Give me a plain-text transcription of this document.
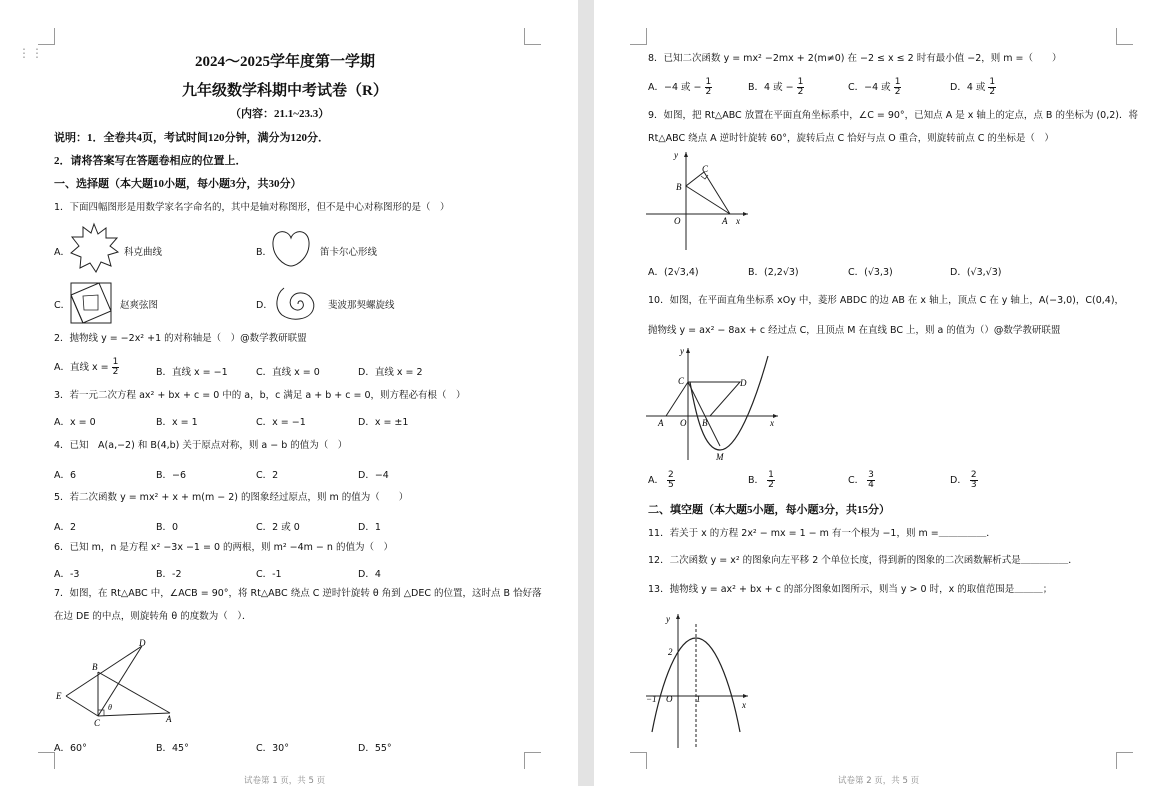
⋮⋮
2024～2025学年度第一学期
九年级数学科期中考试卷（R）
（内容：21.1~23.3）
说明：1．全卷共4页，考试时间120分钟，满分为120分．
2．请将答案写在答题卷相应的位置上．
一、选择题（本大题10小题，每小题3分，共30分）
1．下面四幅图形是用数学家名字命名的，其中是轴对称图形，但不是中心对称图形的是（　）
A．	科克曲线	B．	笛卡尔心形线
C．	赵爽弦图	D．	斐波那契螺旋线
2．抛物线 y = −2x² +1 的对称轴是（　）@数学教研联盟
A．直线 $x = \frac{1}{2}$	B．直线 x = −1	C．直线 x = 0	D．直线 x = 2
3．若一元二次方程 ax² + bx + c = 0 中的 a，b，c 满足 a + b + c = 0，则方程必有根（　）
A．x = 0	B．x = 1	C．x = −1	D．x = ±1
4．已知　A(a,−2) 和 B(4,b) 关于原点对称，则 a − b 的值为（　）
A．6	B．−6	C．2	D．−4
5．若二次函数 y = mx² + x + m(m − 2) 的图象经过原点，则 m 的值为（　　）
A．2	B．0	C．2 或 0	D．1
6．已知 m，n 是方程 x² −3x −1 = 0 的两根，则 m² −4m − n 的值为（　）
A．-3	B．-2	C．-1	D．4
7．如图，在 Rt△ABC 中，∠ACB = 90°，将 Rt△ABC 绕点 C 逆时针旋转 θ 角到 △DEC 的位置，这时点 B 恰好落
在边 DE 的中点，则旋转角 θ 的度数为（　）．
D
B
E
C	A
θ
A．60°	B．45°	C．30°	D．55°
试卷第 1 页，共 5 页
8．已知二次函数 y = mx² −2mx + 2(m≠0) 在 −2 ≤ x ≤ 2 时有最小值 −2，则 m =（　　）
A．−4 或 − $\frac{1}{2}$	B．4 或 − $\frac{1}{2}$	C．−4 或 $\frac{1}{2}$	D．4 或 $\frac{1}{2}$
9．如图，把 Rt△ABC 放置在平面直角坐标系中，∠C = 90°，已知点 A 是 x 轴上的定点，点 B 的坐标为 (0,2)．将
Rt△ABC 绕点 A 逆时针旋转 60°，旋转后点 C 恰好与点 O 重合，则旋转前点 C 的坐标是（　）
y
C
B
O	A x
A．(2√3,4)	B．(2,2√3)	C．(√3,3)	D．(√3,√3)
10．如图，在平面直角坐标系 xOy 中，菱形 ABDC 的边 AB 在 x 轴上，顶点 C 在 y 轴上，A(−3,0)，C(0,4)，
抛物线 y = ax² − 8ax + c 经过点 C，且顶点 M 在直线 BC 上，则 a 的值为（）@数学教研联盟
y
C	D
A O B	x
M
A． $\frac{2}{5}$	B． $\frac{1}{2}$	C． $\frac{3}{4}$	D． $\frac{2}{3}$
二、填空题（本大题5小题，每小题3分，共15分）
11．若关于 x 的方程 2x² − mx = 1 − m 有一个根为 −1，则 m =＿＿＿＿＿．
12．二次函数 y = x² 的图象向左平移 2 个单位长度，得到新的图象的二次函数解析式是＿＿＿＿＿．
13．抛物线 y = ax² + bx + c 的部分图象如图所示，则当 y > 0 时，x 的取值范围是＿＿＿；
y
2
−1 O	1
x
试卷第 2 页，共 5 页
